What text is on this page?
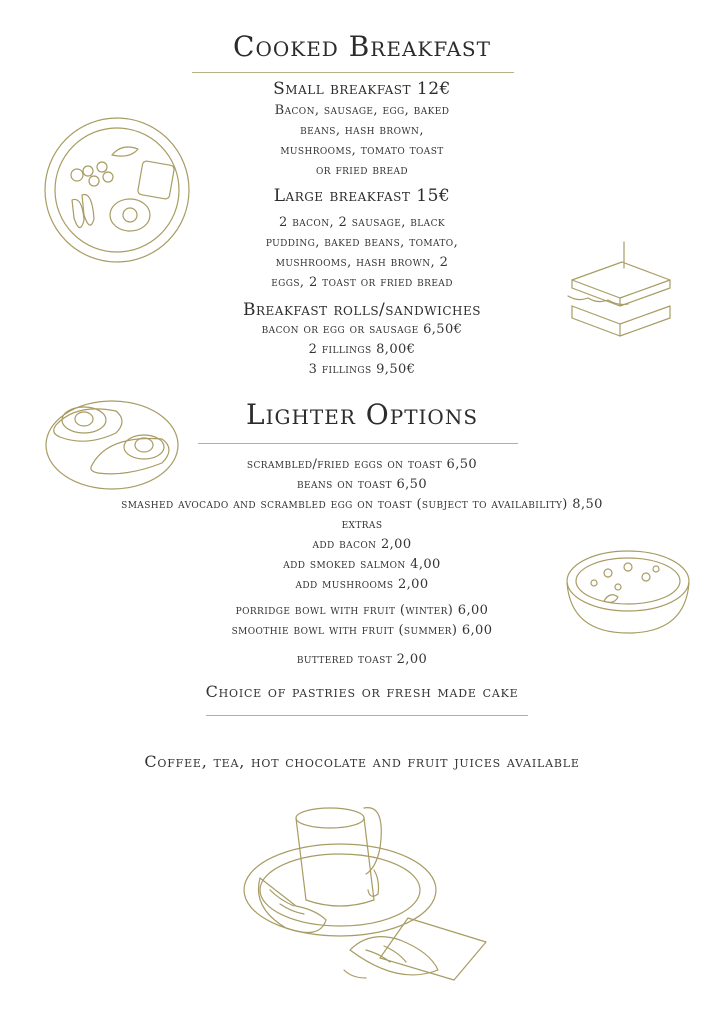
Cooked Breakfast
Small breakfast 12€
Bacon, sausage, egg, baked
beans, hash brown,
mushrooms, tomato toast
or fried bread
Large breakfast 15€
2 bacon, 2 sausage, black
pudding, baked beans, tomato,
mushrooms, hash brown, 2
eggs, 2 toast or fried bread
Breakfast rolls/sandwiches
bacon or egg or sausage 6,50€
2 fillings 8,00€
3 fillings 9,50€
Lighter Options
scrambled/fried eggs on toast 6,50
beans on toast 6,50
smashed avocado and scrambled egg on toast (subject to availability) 8,50
extras
add bacon 2,00
add smoked salmon 4,00
add mushrooms 2,00
porridge bowl with fruit (winter) 6,00
smoothie bowl with fruit (summer) 6,00
buttered toast 2,00
Choice of pastries or fresh made cake
Coffee, tea, hot chocolate and fruit juices available
